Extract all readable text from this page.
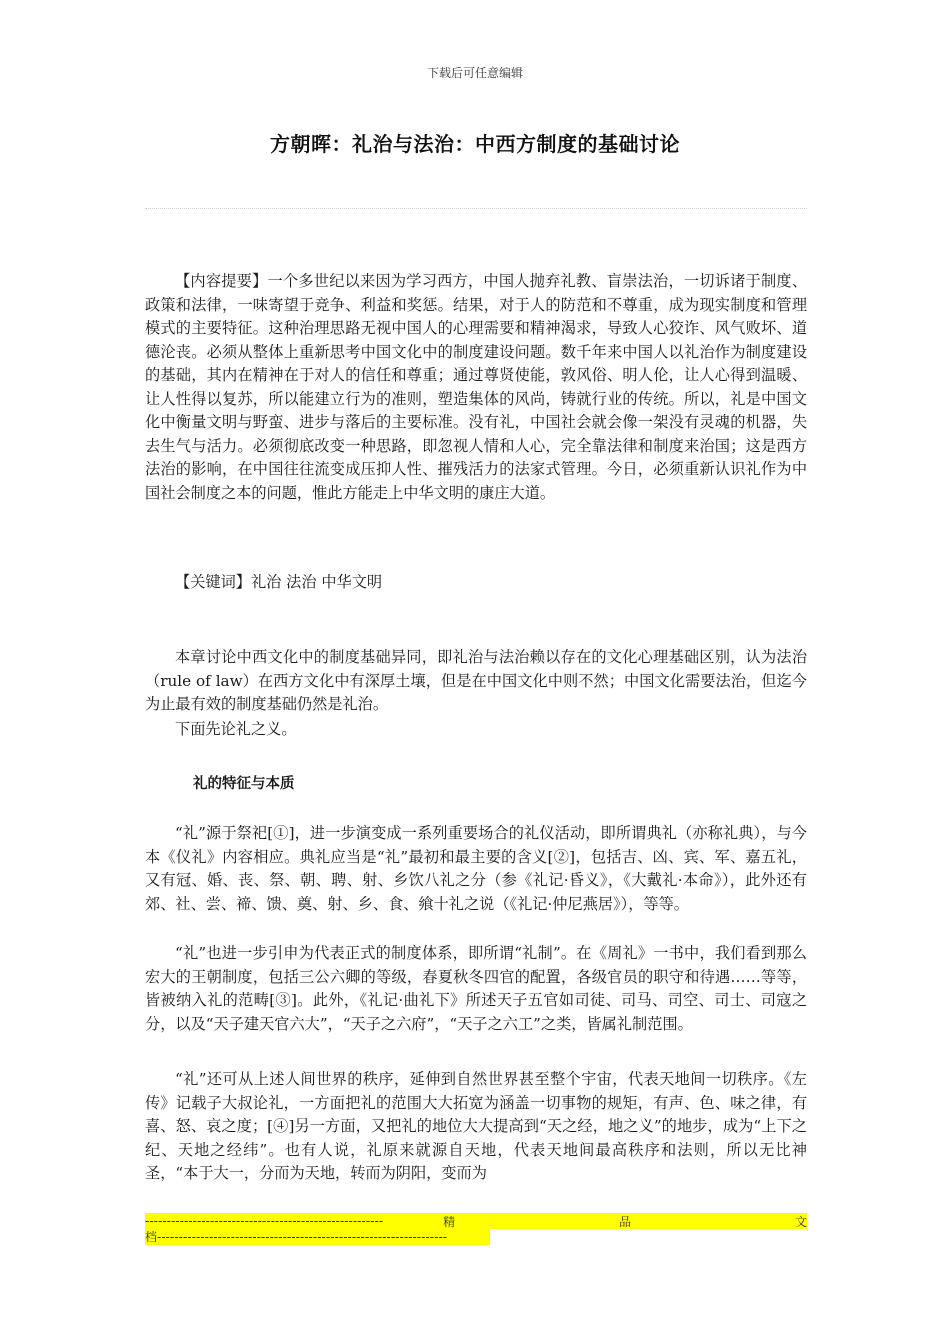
下载后可任意编辑
方朝晖：礼治与法治：中西方制度的基础讨论

【内容提要】一个多世纪以来因为学习西方，中国人抛弃礼教、盲崇法治，一切诉诸于制度、政策和法律，一味寄望于竞争、利益和奖惩。结果，对于人的防范和不尊重，成为现实制度和管理模式的主要特征。这种治理思路无视中国人的心理需要和精神渴求，导致人心狡诈、风气败坏、道德沦丧。必须从整体上重新思考中国文化中的制度建设问题。数千年来中国人以礼治作为制度建设的基础，其内在精神在于对人的信任和尊重；通过尊贤使能，敦风俗、明人伦，让人心得到温暖、让人性得以复苏，所以能建立行为的准则，塑造集体的风尚，铸就行业的传统。所以，礼是中国文化中衡量文明与野蛮、进步与落后的主要标准。没有礼，中国社会就会像一架没有灵魂的机器，失去生气与活力。必须彻底改变一种思路，即忽视人情和人心，完全靠法律和制度来治国；这是西方法治的影响，在中国往往流变成压抑人性、摧残活力的法家式管理。今日，必须重新认识礼作为中国社会制度之本的问题，惟此方能走上中华文明的康庄大道。

【关键词】礼治 法治 中华文明

本章讨论中西文化中的制度基础异同，即礼治与法治赖以存在的文化心理基础区别，认为法治（rule of law）在西方文化中有深厚土壤，但是在中国文化中则不然；中国文化需要法治，但迄今为止最有效的制度基础仍然是礼治。

下面先论礼之义。

礼的特征与本质

“礼”源于祭祀[①]，进一步演变成一系列重要场合的礼仪活动，即所谓典礼（亦称礼典），与今本《仪礼》内容相应。典礼应当是“礼”最初和最主要的含义[②]，包括吉、凶、宾、军、嘉五礼，又有冠、婚、丧、祭、朝、聘、射、乡饮八礼之分（参《礼记·昏义》，《大戴礼·本命》），此外还有郊、社、尝、禘、馈、奠、射、乡、食、飨十礼之说（《礼记·仲尼燕居》），等等。

“礼”也进一步引申为代表正式的制度体系，即所谓“礼制”。在《周礼》一书中，我们看到那么宏大的王朝制度，包括三公六卿的等级，春夏秋冬四官的配置，各级官员的职守和待遇……等等，皆被纳入礼的范畴[③]。此外，《礼记·曲礼下》所述天子五官如司徒、司马、司空、司士、司寇之分，以及“天子建天官六大”，“天子之六府”，“天子之六工”之类，皆属礼制范围。

“礼”还可从上述人间世界的秩序，延伸到自然世界甚至整个宇宙，代表天地间一切秩序。《左传》记载子大叔论礼，一方面把礼的范围大大拓宽为涵盖一切事物的规矩，有声、色、味之律，有喜、怒、哀之度；[④]另一方面，又把礼的地位大大提高到“天之经，地之义”的地步，成为“上下之纪、天地之经纬”。也有人说，礼原来就源自天地，代表天地间最高秩序和法则，所以无比神圣，“本于大一，分而为天地，转而为阴阳，变而为

-------------------------------------------------------	精	品	文
档-------------------------------------------------------------------
